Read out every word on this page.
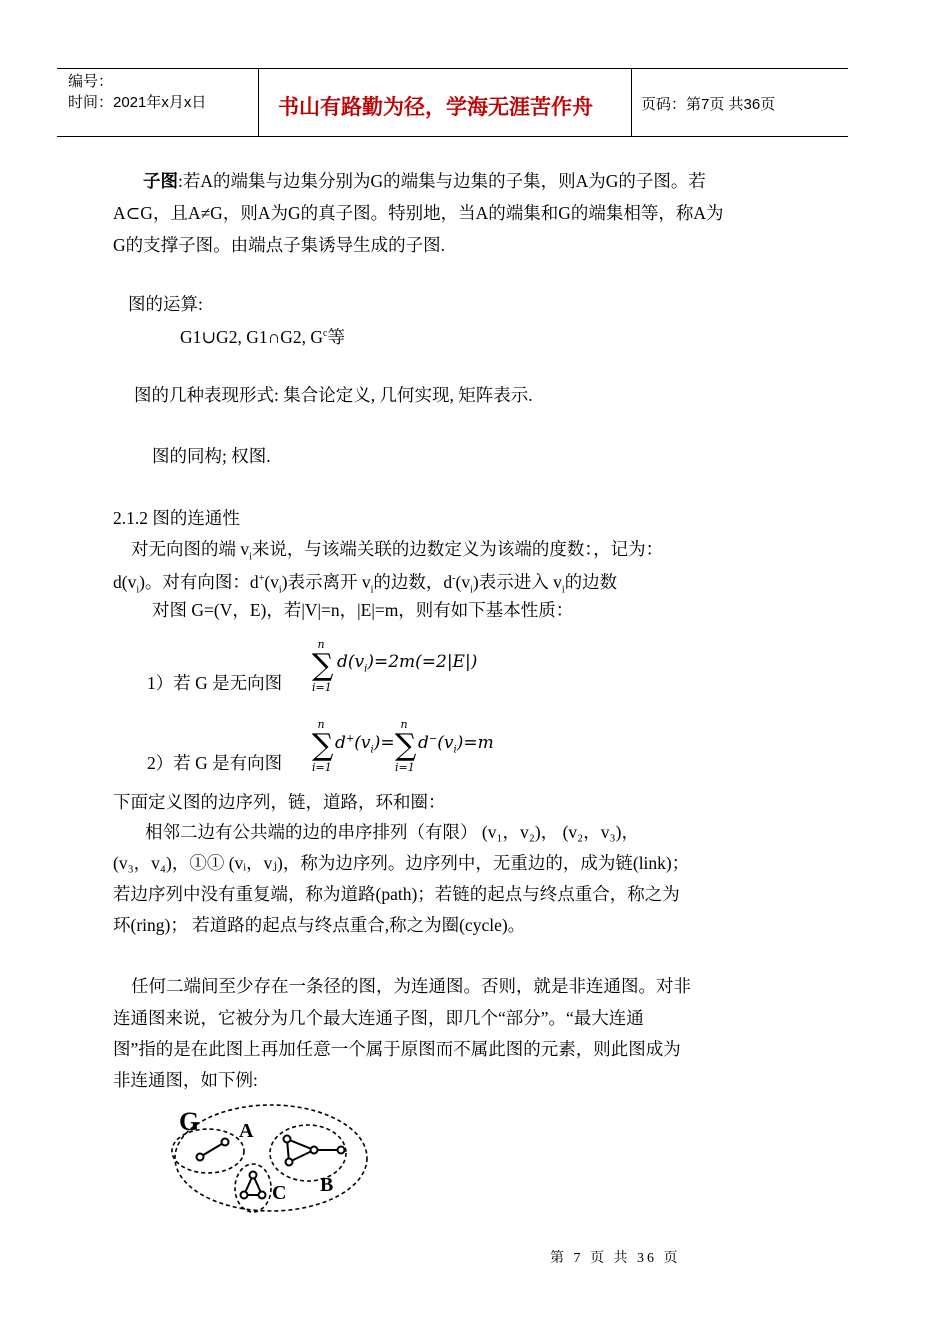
编号：
时间：2021年x月x日	书山有路勤为径，学海无涯苦作舟	页码：第7页 共36页

子图:若A的端集与边集分别为G的端集与边集的子集，则A为G的子图。若

A⊂G，且A≠G，则A为G的真子图。特别地，当A的端集和G的端集相等，称A为

G的支撑子图。由端点子集诱导生成的子图.

图的运算:

G1∪G2, G1∩G2, $G^c$等

图的几种表现形式: 集合论定义, 几何实现, 矩阵表示.

图的同构; 权图.

2.1.2 图的连通性

对无向图的端 $v_i$来说，与该端关联的边数定义为该端的度数：，记为：

$d(v_i)$。对有向图：$d^+(v_i)$表示离开 $v_i$的边数，$d^-(v_i)$表示进入 $v_i$的边数

对图 G=(V，E)，若|V|=n，|E|=m，则有如下基本性质：

1）若 G 是无向图

n
∑
i=1
$d(v_i)=2m(=2|E|)$

2）若 G 是有向图

n
∑
i=1
$d^+(v_i)=$
n
∑
i=1
$d^-(v_i)=m$

下面定义图的边序列，链，道路，环和圈：

相邻二边有公共端的边的串序排列（有限） (v₁，v₂)， (v₂，v₃)，

(v₃，v₄)，➀➀ (vᵢ，vⱼ)，称为边序列。边序列中，无重边的，成为链(link)；

若边序列中没有重复端，称为道路(path)；若链的起点与终点重合，称之为

环(ring)； 若道路的起点与终点重合,称之为圈(cycle)。

任何二端间至少存在一条径的图，为连通图。否则，就是非连通图。对非

连通图来说，它被分为几个最大连通子图，即几个“部分”。“最大连通

图”指的是在此图上再加任意一个属于原图而不属此图的元素，则此图成为

非连通图，如下例:

G A
B
C
第 7 页 共 36 页
